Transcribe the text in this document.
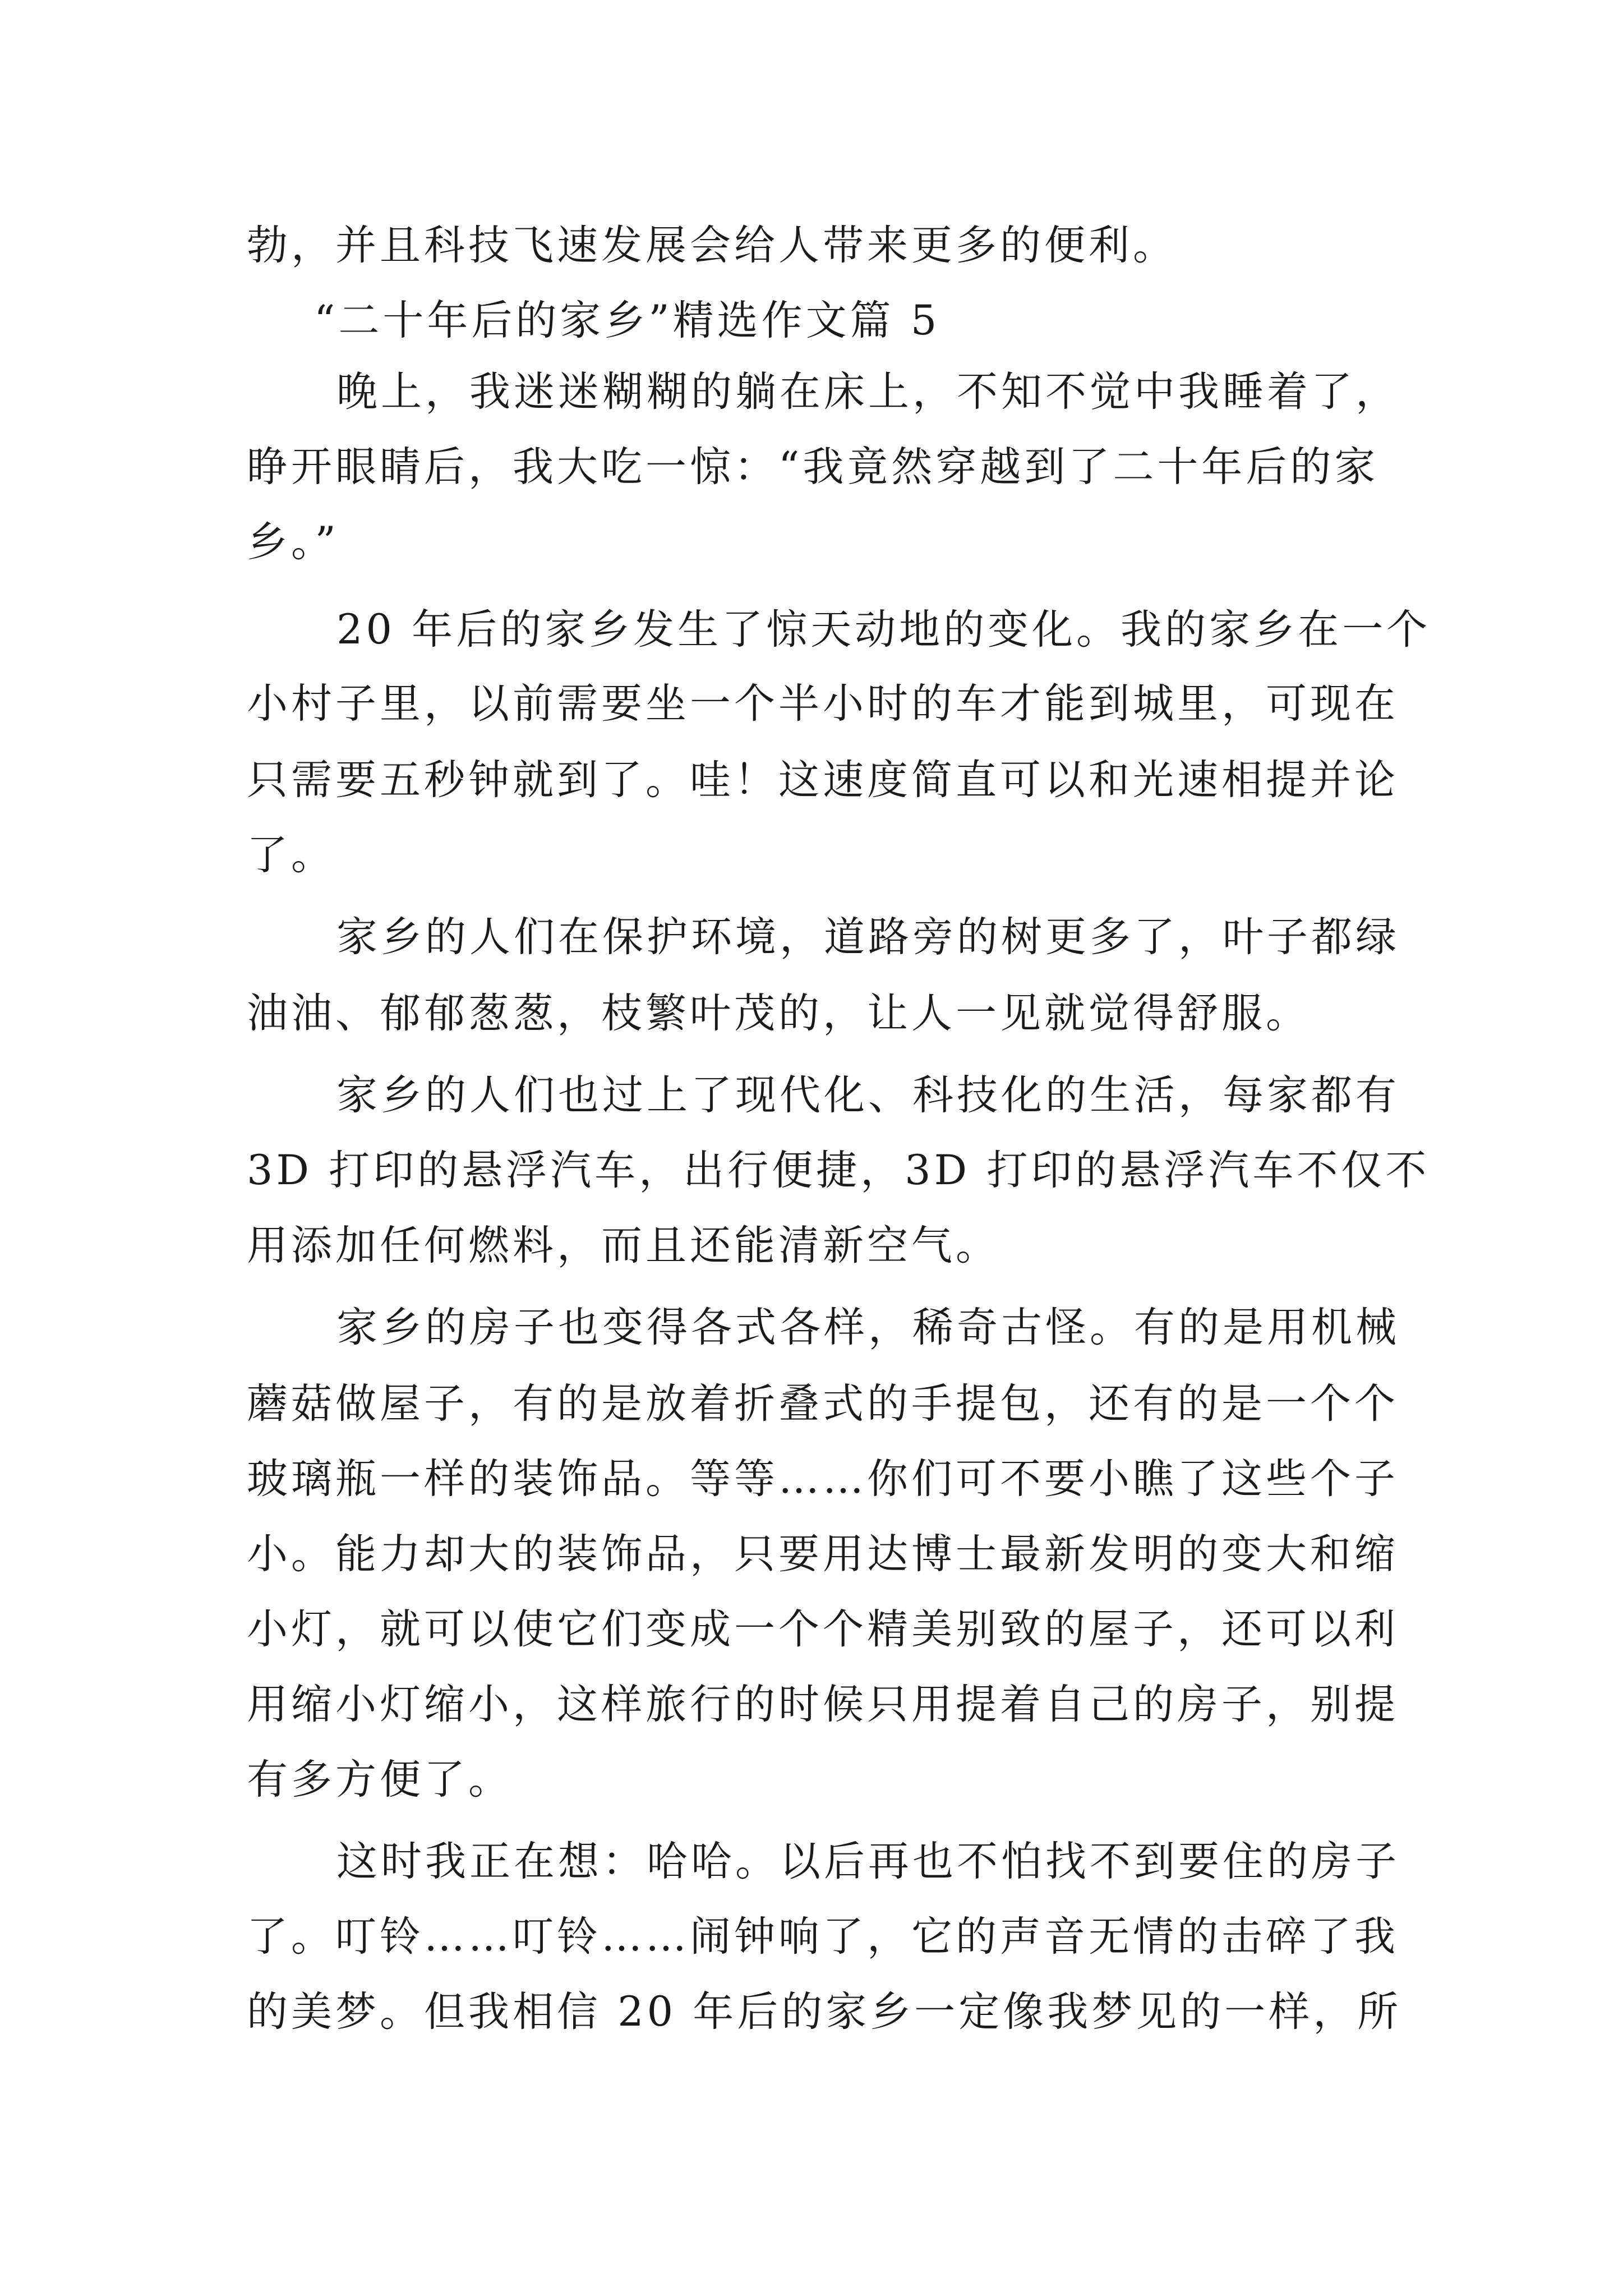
勃，并且科技飞速发展会给人带来更多的便利。
“二十年后的家乡”精选作文篇 5
晚上，我迷迷糊糊的躺在床上，不知不觉中我睡着了，
睁开眼睛后，我大吃一惊：“我竟然穿越到了二十年后的家
乡。”
20 年后的家乡发生了惊天动地的变化。我的家乡在一个
小村子里，以前需要坐一个半小时的车才能到城里，可现在
只需要五秒钟就到了。哇！这速度简直可以和光速相提并论
了。
家乡的人们在保护环境，道路旁的树更多了，叶子都绿
油油、郁郁葱葱，枝繁叶茂的，让人一见就觉得舒服。
家乡的人们也过上了现代化、科技化的生活，每家都有
3D 打印的悬浮汽车，出行便捷，3D 打印的悬浮汽车不仅不
用添加任何燃料，而且还能清新空气。
家乡的房子也变得各式各样，稀奇古怪。有的是用机械
蘑菇做屋子，有的是放着折叠式的手提包，还有的是一个个
玻璃瓶一样的装饰品。等等……你们可不要小瞧了这些个子
小。能力却大的装饰品，只要用达博士最新发明的变大和缩
小灯，就可以使它们变成一个个精美别致的屋子，还可以利
用缩小灯缩小，这样旅行的时候只用提着自己的房子，别提
有多方便了。
这时我正在想：哈哈。以后再也不怕找不到要住的房子
了。叮铃……叮铃……闹钟响了，它的声音无情的击碎了我
的美梦。但我相信 20 年后的家乡一定像我梦见的一样，所
